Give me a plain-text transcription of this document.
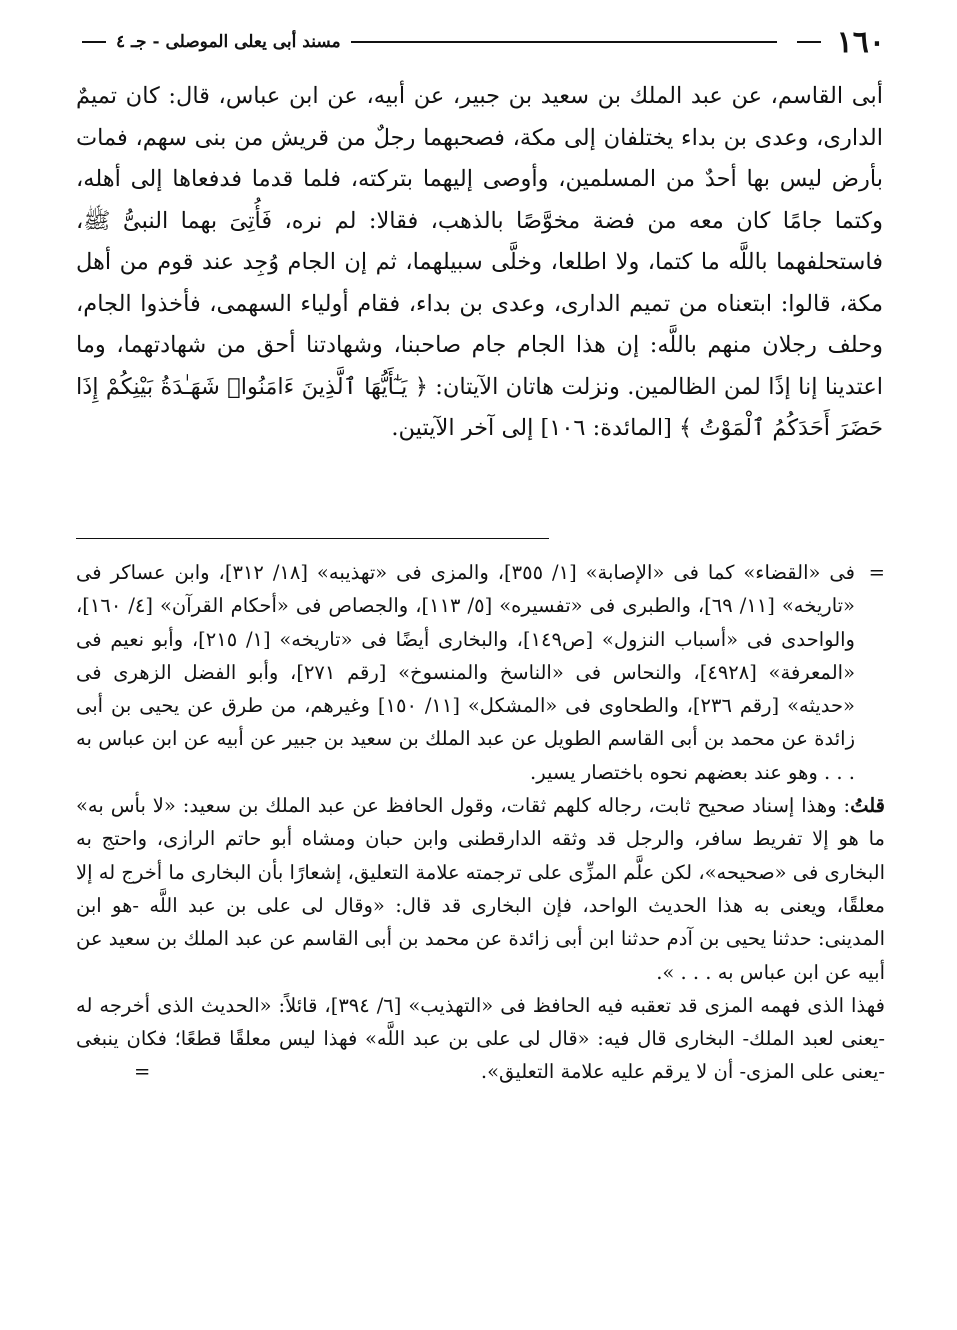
١٦٠
مسند أبى يعلى الموصلى - جـ ٤

أبى القاسم، عن عبد الملك بن سعيد بن جبير، عن أبيه، عن ابن عباس، قال: كان تميمٌ الدارى، وعدى بن بداء يختلفان إلى مكة، فصحبهما رجلٌ من قريش من بنى سهم، فمات بأرض ليس بها أحدٌ من المسلمين، وأوصى إليهما بتركته، فلما قدما فدفعاها إلى أهله، وكتما جامًا كان معه من فضة مخوَّصًا بالذهب، فقالا: لم نره، فَأُتِىَ بهما النبىُّ ﷺ، فاستحلفهما باللَّه ما كتما، ولا اطلعا، وخلَّى سبيلهما، ثم إن الجام وُجِد عند قوم من أهل مكة، قالوا: ابتعناه من تميم الدارى، وعدى بن بداء، فقام أولياء السهمى، فأخذوا الجام، وحلف رجلان منهم باللَّه: إن هذا الجام جام صاحبنا، وشهادتنا أحق من شهادتهما، وما اعتدينا إنا إذًا لمن الظالمين. ونزلت هاتان الآيتان: ﴿ يَـٰٓأَيُّهَا ٱلَّذِينَ ءَامَنُوا۟ شَهَـٰدَةُ بَيْنِكُمْ إِذَا حَضَرَ أَحَدَكُمُ ٱلْمَوْتُ ﴾ [المائدة: ١٠٦] إلى آخر الآيتين.

=
فى «القضاء» كما فى «الإصابة» [١/ ٣٥٥]، والمزى فى «تهذيبه» [١٨/ ٣١٢]، وابن عساكر فى «تاريخه» [١١/ ٦٩]، والطبرى فى «تفسيره» [٥/ ١١٣]، والجصاص فى «أحكام القرآن» [٤/ ١٦٠]، والواحدى فى «أسباب النزول» [ص١٤٩]، والبخارى أيضًا فى «تاريخه» [١/ ٢١٥]، وأبو نعيم فى «المعرفة» [٤٩٢٨]، والنحاس فى «الناسخ والمنسوخ» [رقم ٢٧١]، وأبو الفضل الزهرى فى «حديثه» [رقم ٢٣٦]، والطحاوى فى «المشكل» [١١/ ١٥٠] وغيرهم، من طرق عن يحيى بن أبى زائدة عن محمد بن أبى القاسم الطويل عن عبد الملك بن سعيد بن جبير عن أبيه عن ابن عباس به . . . وهو عند بعضهم نحوه باختصار يسير.

قلتُ: وهذا إسناد صحيح ثابت، رجاله كلهم ثقات، وقول الحافظ عن عبد الملك بن سعيد: «لا بأس به» ما هو إلا تفريط سافر، والرجل قد وثقه الدارقطنى وابن حبان ومشاه أبو حاتم الرازى، واحتج به البخارى فى «صحيحه»، لكن علَّم المزِّى على ترجمته علامة التعليق، إشعارًا بأن البخارى ما أخرج له إلا معلقًا، ويعنى به هذا الحديث الواحد، فإن البخارى قد قال: «وقال لى على بن عبد اللَّه -هو ابن المدينى: حدثنا يحيى بن آدم حدثنا ابن أبى زائدة عن محمد بن أبى القاسم عن عبد الملك بن سعيد عن أبيه عن ابن عباس به . . . ».

فهذا الذى فهمه المزى قد تعقبه فيه الحافظ فى «التهذيب» [٦/ ٣٩٤]، قائلاً: «الحديث الذى أخرجه له -يعنى لعبد الملك- البخارى قال فيه: «قال لى على بن عبد اللَّه» فهذا ليس معلقًا قطعًا؛ فكان ينبغى -يعنى على المزى- أن لا يرقم عليه علامة التعليق».
=
